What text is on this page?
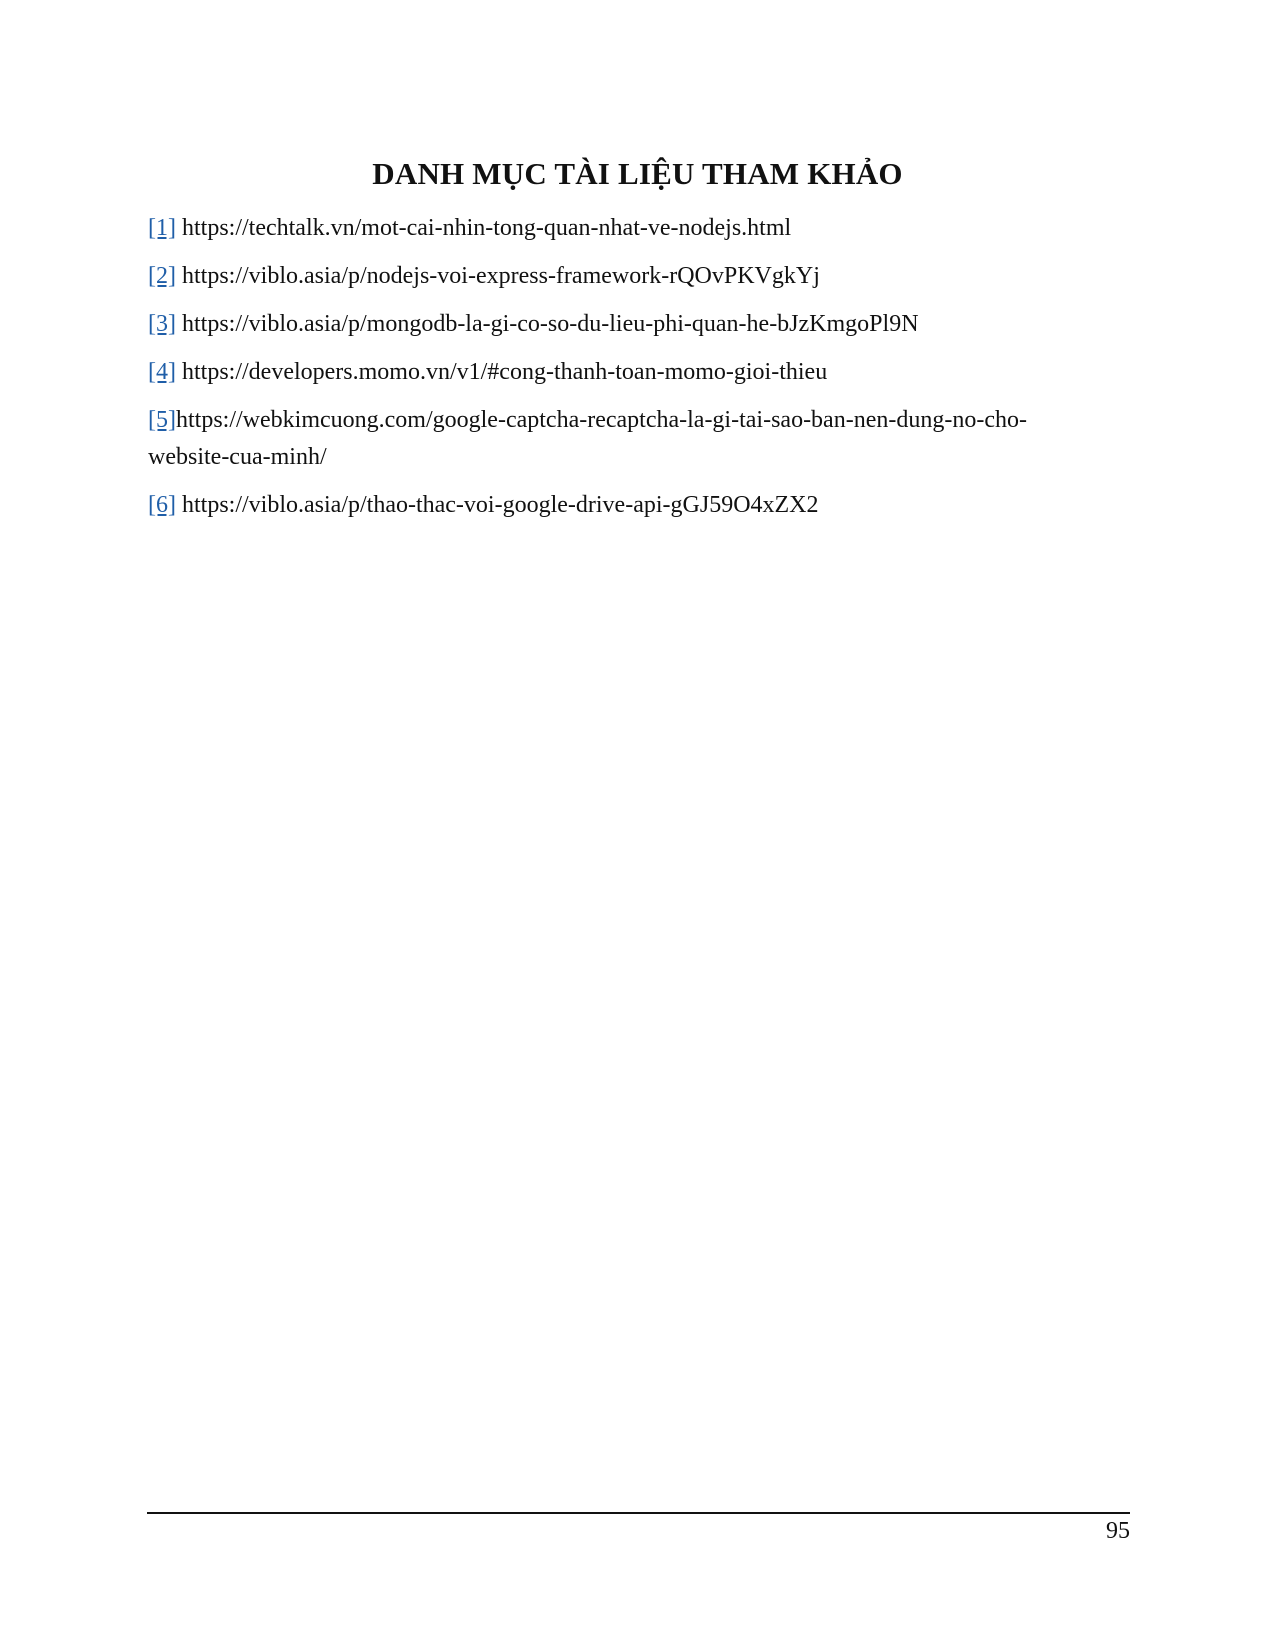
DANH MỤC TÀI LIỆU THAM KHẢO
[1] https://techtalk.vn/mot-cai-nhin-tong-quan-nhat-ve-nodejs.html
[2] https://viblo.asia/p/nodejs-voi-express-framework-rQOvPKVgkYj
[3] https://viblo.asia/p/mongodb-la-gi-co-so-du-lieu-phi-quan-he-bJzKmgoPl9N
[4] https://developers.momo.vn/v1/#cong-thanh-toan-momo-gioi-thieu
[5]https://webkimcuong.com/google-captcha-recaptcha-la-gi-tai-sao-ban-nen-dung-no-cho-website-cua-minh/
[6] https://viblo.asia/p/thao-thac-voi-google-drive-api-gGJ59O4xZX2
95
